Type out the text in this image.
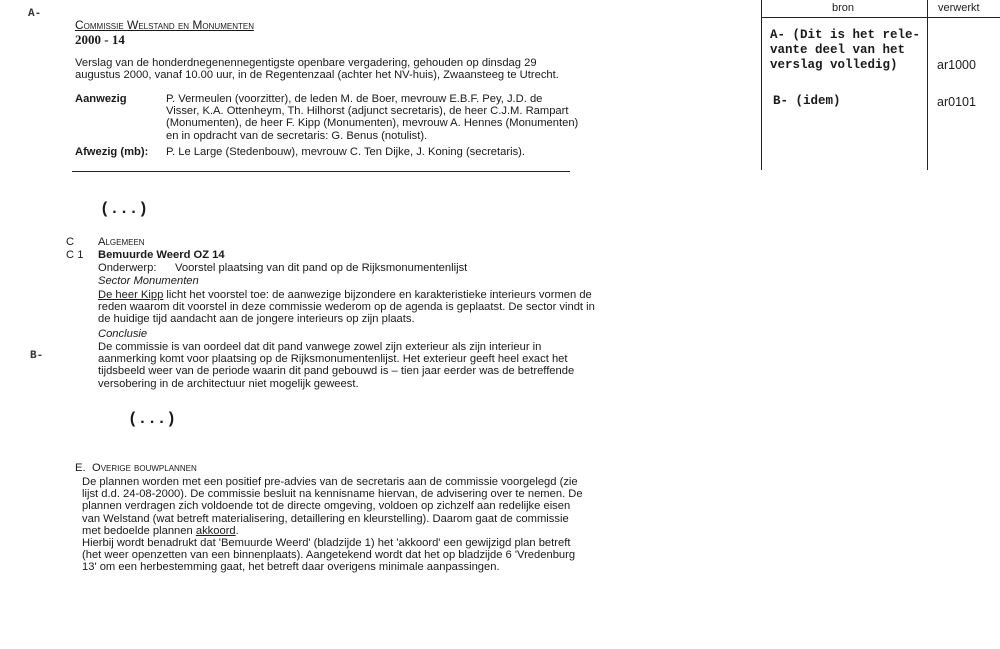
A-
B-
Commissie Welstand en Monumenten
2000 - 14
Verslag van de honderdnegenennegentigste openbare vergadering, gehouden op dinsdag 29
augustus 2000, vanaf 10.00 uur, in de Regentenzaal (achter het NV-huis), Zwaansteeg te Utrecht.
Aanwezig	P. Vermeulen (voorzitter), de leden M. de Boer, mevrouw E.B.F. Pey, J.D. de
Visser, K.A. Ottenheym, Th. Hilhorst (adjunct secretaris), de heer C.J.M. Rampart
(Monumenten), de heer F. Kipp (Monumenten), mevrouw A. Hennes (Monumenten)
en in opdracht van de secretaris: G. Benus (notulist).
Afwezig (mb): P. Le Large (Stedenbouw), mevrouw C. Ten Dijke, J. Koning (secretaris).
(...)
C Algemeen
C 1 Bemuurde Weerd OZ 14
Onderwerp: Voorstel plaatsing van dit pand op de Rijksmonumentenlijst
Sector Monumenten
De heer Kipp licht het voorstel toe: de aanwezige bijzondere en karakteristieke interieurs vormen de
reden waarom dit voorstel in deze commissie wederom op de agenda is geplaatst. De sector vindt in
de huidige tijd aandacht aan de jongere interieurs op zijn plaats.
Conclusie
De commissie is van oordeel dat dit pand vanwege zowel zijn exterieur als zijn interieur in
aanmerking komt voor plaatsing op de Rijksmonumentenlijst. Het exterieur geeft heel exact het
tijdsbeeld weer van de periode waarin dit pand gebouwd is – tien jaar eerder was de betreffende
versobering in de architectuur niet mogelijk geweest.
(...)
E. Overige bouwplannen
De plannen worden met een positief pre-advies van de secretaris aan de commissie voorgelegd (zie
lijst d.d. 24-08-2000). De commissie besluit na kennisname hiervan, de advisering over te nemen. De
plannen verdragen zich voldoende tot de directe omgeving, voldoen op zichzelf aan redelijke eisen
van Welstand (wat betreft materialisering, detaillering en kleurstelling). Daarom gaat de commissie
met bedoelde plannen akkoord.
Hierbij wordt benadrukt dat 'Bemuurde Weerd' (bladzijde 1) het 'akkoord' een gewijzigd plan betreft
(het weer openzetten van een binnenplaats). Aangetekend wordt dat het op bladzijde 6 'Vredenburg
13' om een herbestemming gaat, het betreft daar overigens minimale aanpassingen.
bron	verwerkt
A- (Dit is het rele-
vante deel van het
verslag volledig)	ar1000
B- (idem)	ar0101
